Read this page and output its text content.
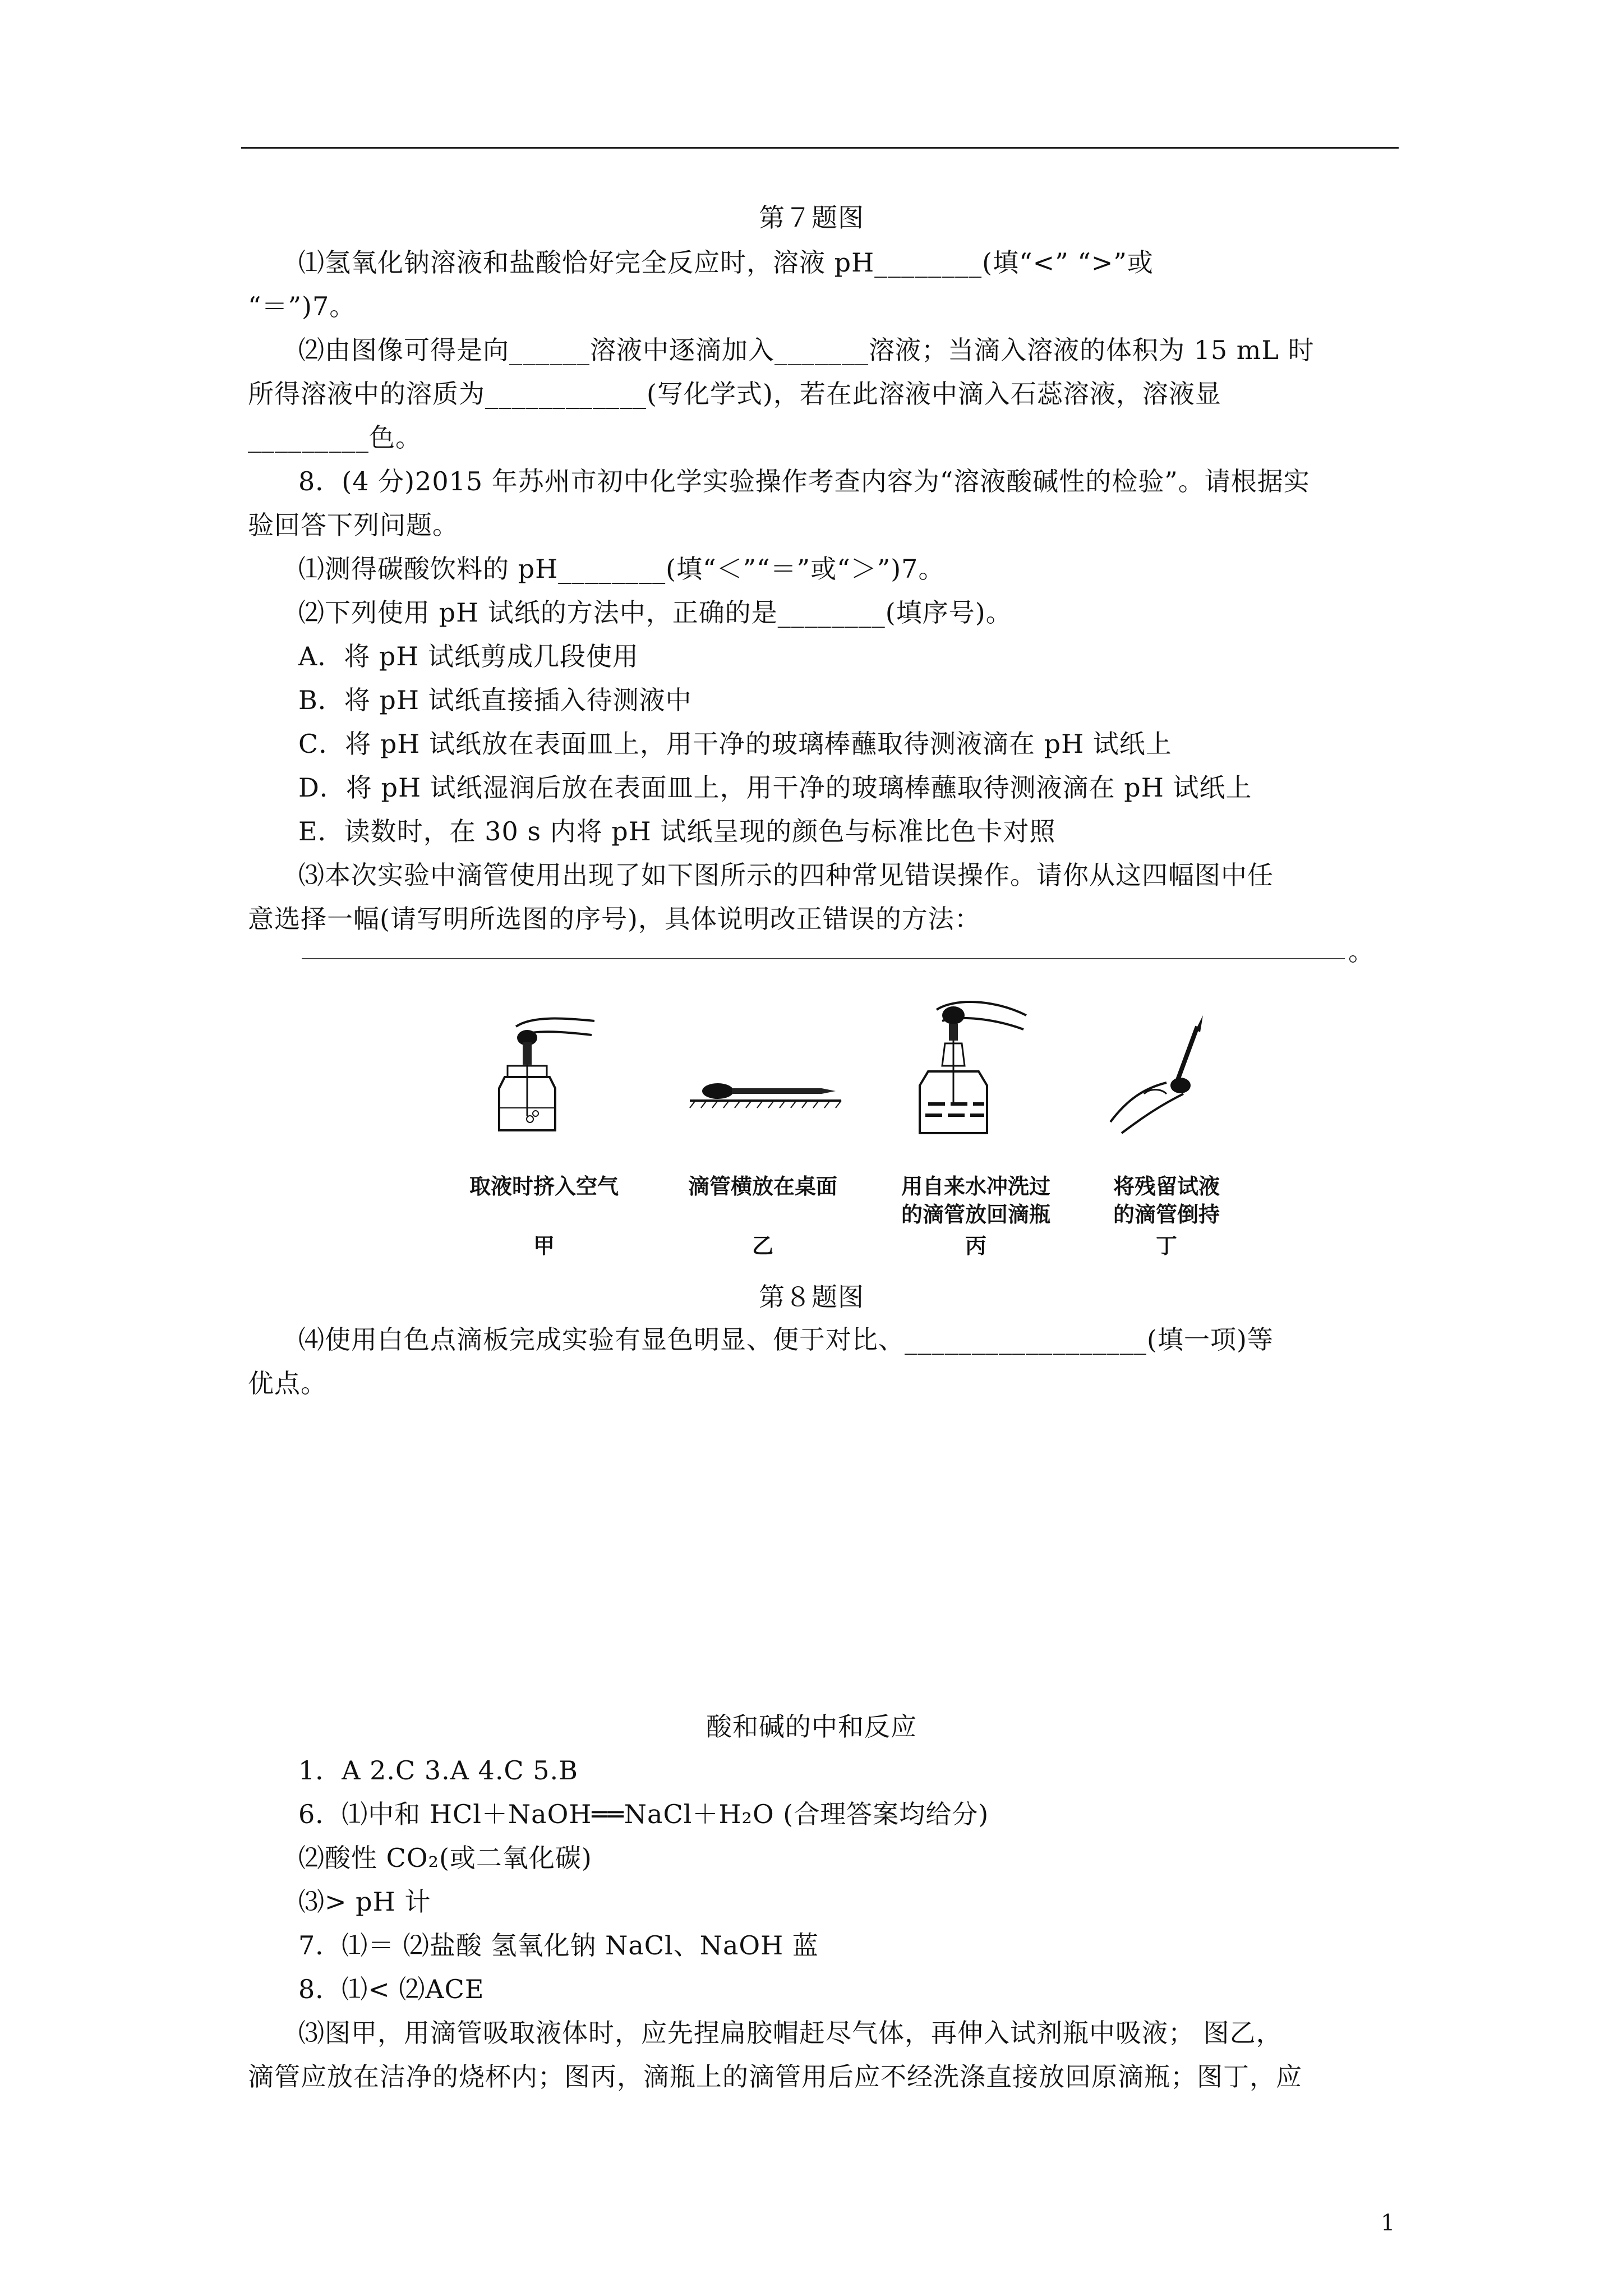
第７题图
⑴氢氧化钠溶液和盐酸恰好完全反应时，溶液 pH________(填“<” “>”或
“＝”)7。
⑵由图像可得是向______溶液中逐滴加入_______溶液；当滴入溶液的体积为 15 mL 时
所得溶液中的溶质为____________(写化学式)，若在此溶液中滴入石蕊溶液，溶液显
_________色。
8．(4 分)2015 年苏州市初中化学实验操作考查内容为“溶液酸碱性的检验”。请根据实
验回答下列问题。
⑴测得碳酸饮料的 pH________(填“＜”“＝”或“＞”)7。
⑵下列使用 pH 试纸的方法中，正确的是________(填序号)。
A．将 pH 试纸剪成几段使用
B．将 pH 试纸直接插入待测液中
C．将 pH 试纸放在表面皿上，用干净的玻璃棒蘸取待测液滴在 pH 试纸上
D．将 pH 试纸湿润后放在表面皿上，用干净的玻璃棒蘸取待测液滴在 pH 试纸上
E．读数时，在 30 s 内将 pH 试纸呈现的颜色与标准比色卡对照
⑶本次实验中滴管使用出现了如下图所示的四种常见错误操作。请你从这四幅图中任
意选择一幅(请写明所选图的序号)，具体说明改正错误的方法：
。
取液时挤入空气
甲
滴管横放在桌面
乙
用自来水冲洗过
的滴管放回滴瓶
丙
将残留试液
的滴管倒持
丁
第８题图
⑷使用白色点滴板完成实验有显色明显、便于对比、__________________(填一项)等
优点。
酸和碱的中和反应
1．A 2.C 3.A 4.C 5.B
6．⑴中和 HCl＋NaOH══NaCl＋H₂O (合理答案均给分)
⑵酸性 CO₂(或二氧化碳)
⑶> pH 计
7．⑴＝ ⑵盐酸 氢氧化钠 NaCl、NaOH 蓝
8．⑴< ⑵ACE
⑶图甲，用滴管吸取液体时，应先捏扁胶帽赶尽气体，再伸入试剂瓶中吸液； 图乙，
滴管应放在洁净的烧杯内；图丙，滴瓶上的滴管用后应不经洗涤直接放回原滴瓶；图丁，应
1
